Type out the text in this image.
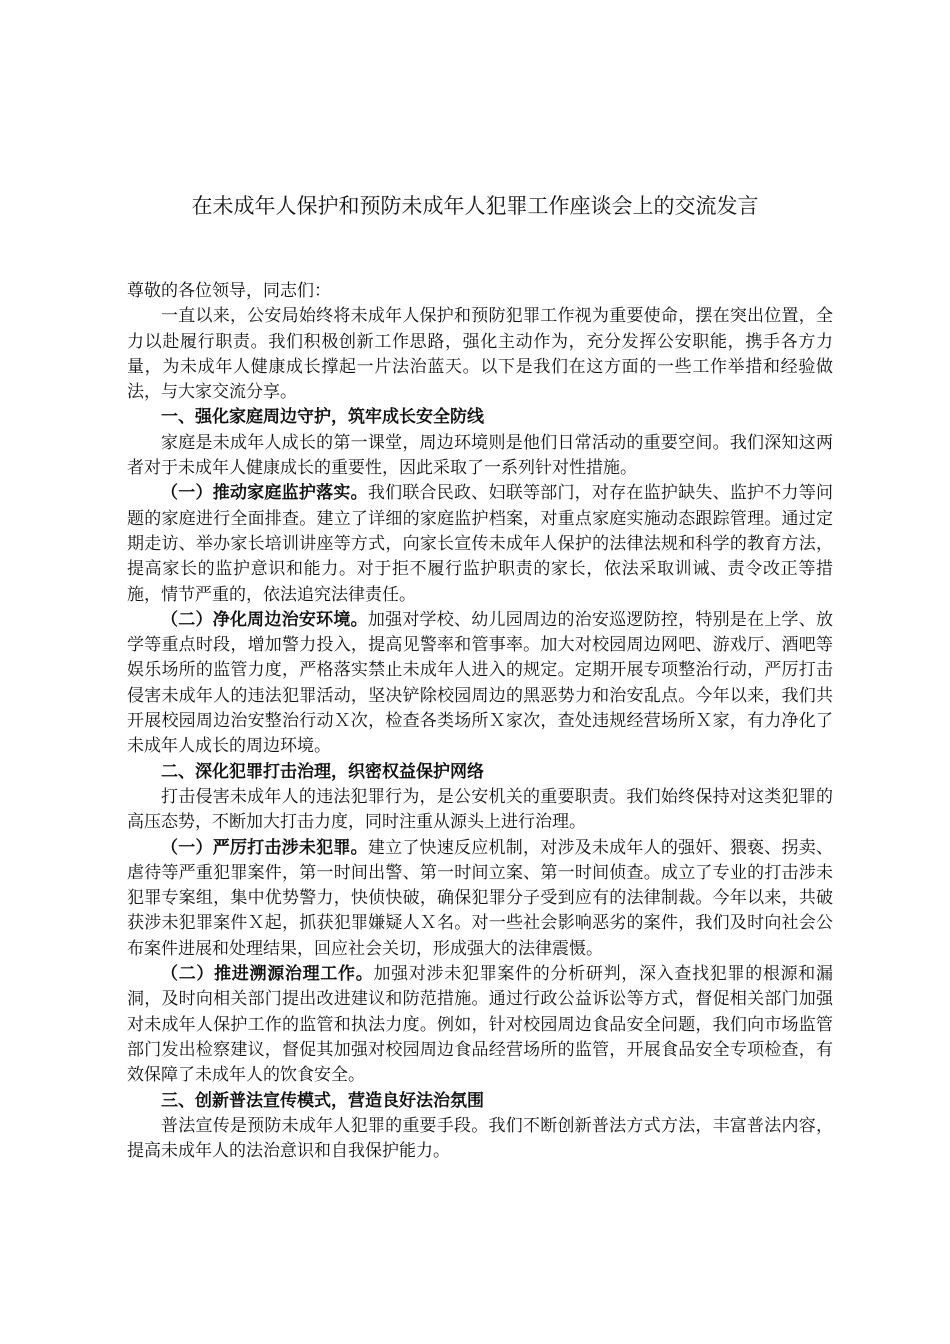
在未成年人保护和预防未成年人犯罪工作座谈会上的交流发言

尊敬的各位领导，同志们：

一直以来，公安局始终将未成年人保护和预防犯罪工作视为重要使命，摆在突出位置，全力以赴履行职责。我们积极创新工作思路，强化主动作为，充分发挥公安职能，携手各方力量，为未成年人健康成长撑起一片法治蓝天。以下是我们在这方面的一些工作举措和经验做法，与大家交流分享。

一、强化家庭周边守护，筑牢成长安全防线

家庭是未成年人成长的第一课堂，周边环境则是他们日常活动的重要空间。我们深知这两者对于未成年人健康成长的重要性，因此采取了一系列针对性措施。

（一）推动家庭监护落实。我们联合民政、妇联等部门，对存在监护缺失、监护不力等问题的家庭进行全面排查。建立了详细的家庭监护档案，对重点家庭实施动态跟踪管理。通过定期走访、举办家长培训讲座等方式，向家长宣传未成年人保护的法律法规和科学的教育方法，提高家长的监护意识和能力。对于拒不履行监护职责的家长，依法采取训诫、责令改正等措施，情节严重的，依法追究法律责任。

（二）净化周边治安环境。加强对学校、幼儿园周边的治安巡逻防控，特别是在上学、放学等重点时段，增加警力投入，提高见警率和管事率。加大对校园周边网吧、游戏厅、酒吧等娱乐场所的监管力度，严格落实禁止未成年人进入的规定。定期开展专项整治行动，严厉打击侵害未成年人的违法犯罪活动，坚决铲除校园周边的黑恶势力和治安乱点。今年以来，我们共开展校园周边治安整治行动Ｘ次，检查各类场所Ｘ家次，查处违规经营场所Ｘ家，有力净化了未成年人成长的周边环境。

二、深化犯罪打击治理，织密权益保护网络

打击侵害未成年人的违法犯罪行为，是公安机关的重要职责。我们始终保持对这类犯罪的高压态势，不断加大打击力度，同时注重从源头上进行治理。

（一）严厉打击涉未犯罪。建立了快速反应机制，对涉及未成年人的强奸、猥亵、拐卖、虐待等严重犯罪案件，第一时间出警、第一时间立案、第一时间侦查。成立了专业的打击涉未犯罪专案组，集中优势警力，快侦快破，确保犯罪分子受到应有的法律制裁。今年以来，共破获涉未犯罪案件Ｘ起，抓获犯罪嫌疑人Ｘ名。对一些社会影响恶劣的案件，我们及时向社会公布案件进展和处理结果，回应社会关切，形成强大的法律震慑。

（二）推进溯源治理工作。加强对涉未犯罪案件的分析研判，深入查找犯罪的根源和漏洞，及时向相关部门提出改进建议和防范措施。通过行政公益诉讼等方式，督促相关部门加强对未成年人保护工作的监管和执法力度。例如，针对校园周边食品安全问题，我们向市场监管部门发出检察建议，督促其加强对校园周边食品经营场所的监管，开展食品安全专项检查，有效保障了未成年人的饮食安全。

三、创新普法宣传模式，营造良好法治氛围

普法宣传是预防未成年人犯罪的重要手段。我们不断创新普法方式方法，丰富普法内容，提高未成年人的法治意识和自我保护能力。
